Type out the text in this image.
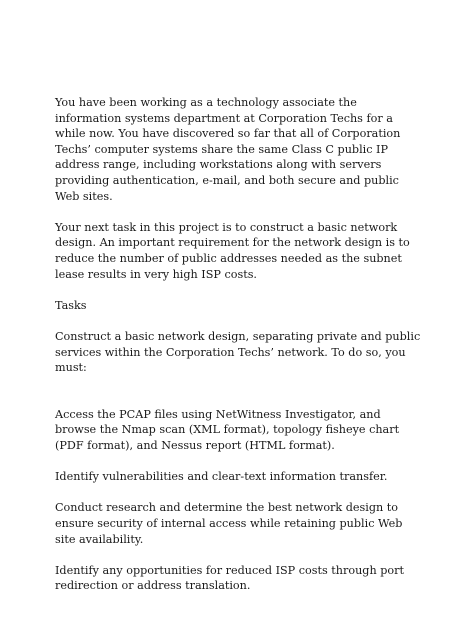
You have been working as a technology associate the
information systems department at Corporation Techs for a
while now. You have discovered so far that all of Corporation
Techs’ computer systems share the same Class C public IP
address range, including workstations along with servers
providing authentication, e-mail, and both secure and public
Web sites.

Your next task in this project is to construct a basic network
design. An important requirement for the network design is to
reduce the number of public addresses needed as the subnet
lease results in very high ISP costs.

Tasks

Construct a basic network design, separating private and public
services within the Corporation Techs’ network. To do so, you
must:

Access the PCAP files using NetWitness Investigator, and
browse the Nmap scan (XML format), topology fisheye chart
(PDF format), and Nessus report (HTML format).

Identify vulnerabilities and clear-text information transfer.

Conduct research and determine the best network design to
ensure security of internal access while retaining public Web
site availability.

Identify any opportunities for reduced ISP costs through port
redirection or address translation.
